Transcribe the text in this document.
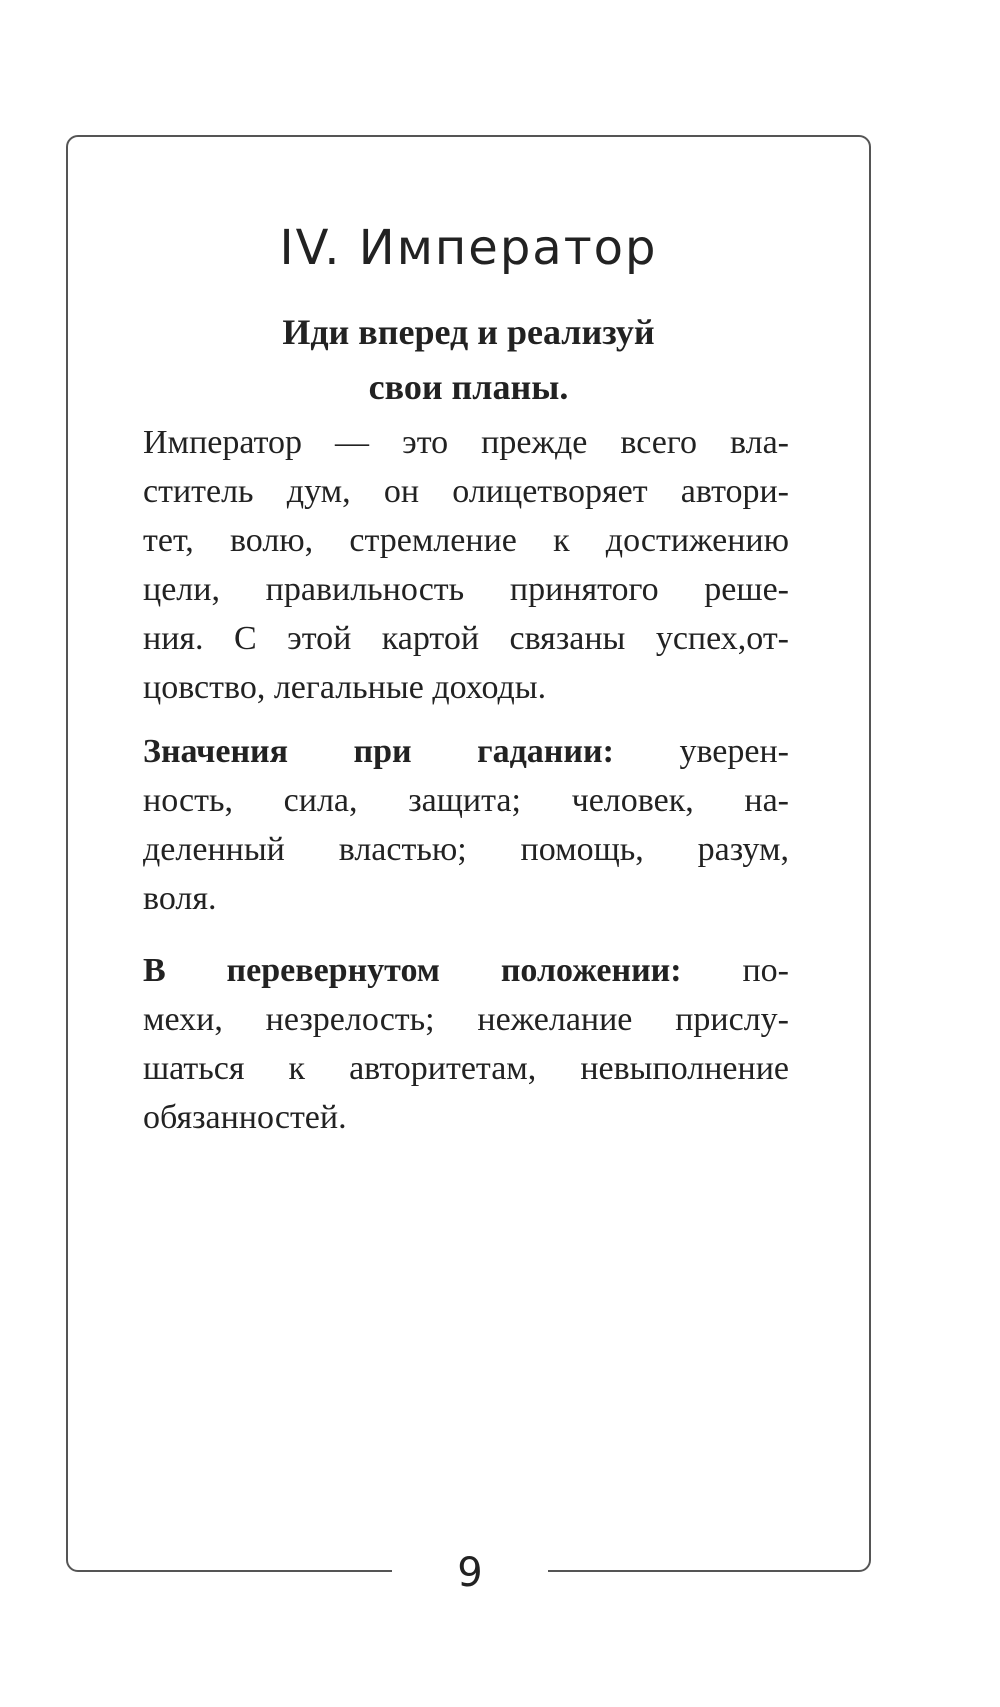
9
IV. Император
Иди вперед и реализуй
свои планы.
Император — это прежде всего вла-
ститель дум, он олицетворяет автори-
тет, волю, стремление к достижению
цели, правильность принятого реше-
ния. С этой картой связаны успех,от-
цовство, легальные доходы.
Значения при гадании: уверен-
ность, сила, защита; человек, на-
деленный властью; помощь, разум,
воля.
В перевернутом положении: по-
мехи, незрелость; нежелание прислу-
шаться к авторитетам, невыполнение
обязанностей.
